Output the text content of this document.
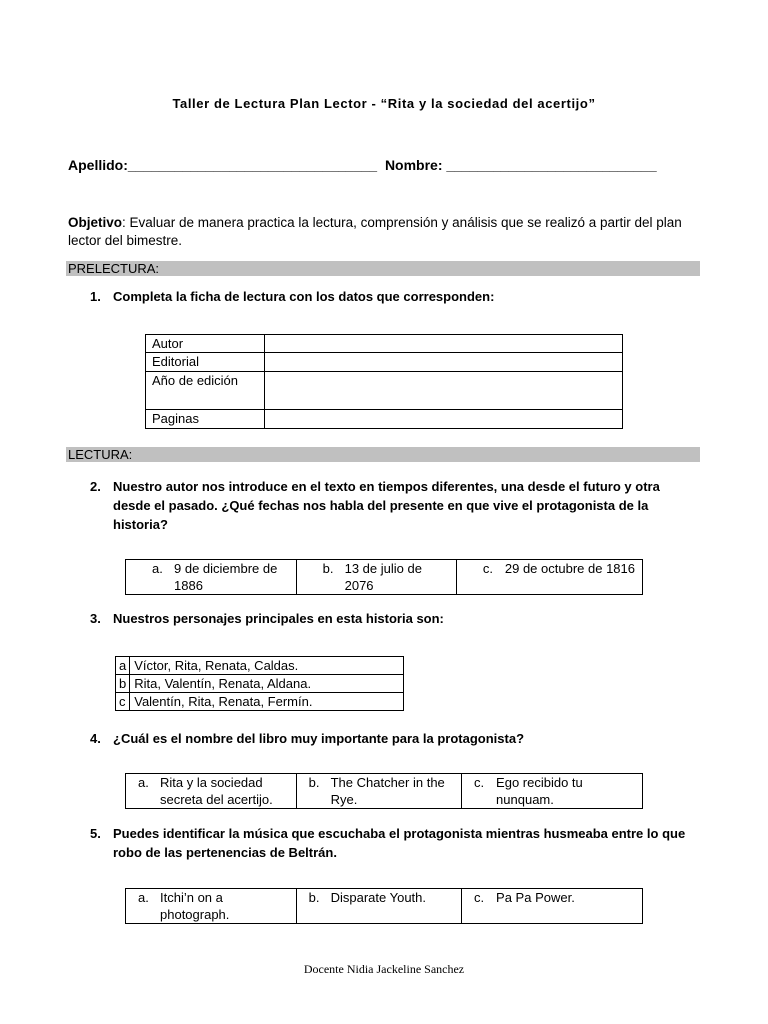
Taller de Lectura Plan Lector - “Rita y la sociedad del acertijo”
Apellido:________________________________ Nombre: ___________________________
Objetivo: Evaluar de manera practica la lectura, comprensión y análisis que se realizó a partir del plan lector del bimestre.
PRELECTURA:
1. Completa la ficha de lectura con los datos que corresponden:
Autor	
Editorial	
Año de edición	
Paginas	
LECTURA:
2. Nuestro autor nos introduce en el texto en tiempos diferentes, una desde el futuro y otra desde el pasado. ¿Qué fechas nos habla del presente en que vive el protagonista de la historia?
a. 9 de diciembre de 1886

b. 13 de julio de 2076

c. 29 de octubre de 1816
3. Nuestros personajes principales en esta historia son:
a	Víctor, Rita, Renata, Caldas.
b	Rita, Valentín, Renata, Aldana.
c	Valentín, Rita, Renata, Fermín.
4. ¿Cuál es el nombre del libro muy importante para la protagonista?
a. Rita y la sociedad secreta del acertijo.

b. The Chatcher in the Rye.

c. Ego recibido tu nunquam.
5. Puedes identificar la música que escuchaba el protagonista mientras husmeaba entre lo que robo de las pertenencias de Beltrán.
a. Itchi’n on a photograph.

b. Disparate Youth.	c. Pa Pa Power.
Docente Nidia Jackeline Sanchez
